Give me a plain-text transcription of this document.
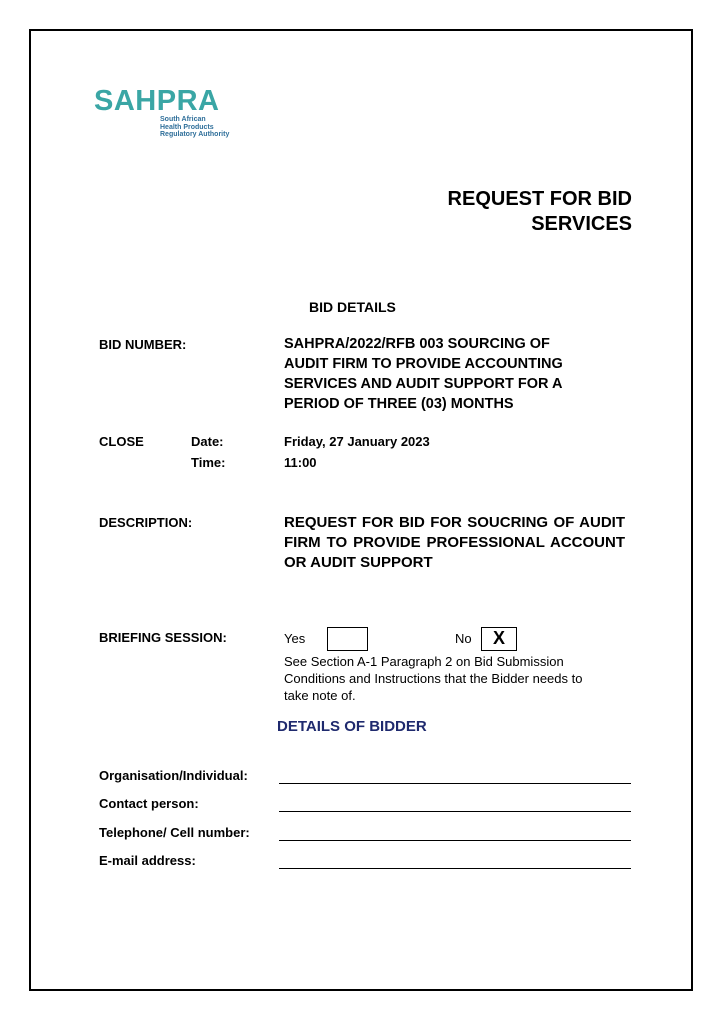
SAHPRA
South African
Health Products
Regulatory Authority
REQUEST FOR BID
SERVICES
BID DETAILS
BID NUMBER:	SAHPRA/2022/RFB 003 SOURCING OF
AUDIT FIRM TO PROVIDE ACCOUNTING
SERVICES AND AUDIT SUPPORT FOR A
PERIOD OF THREE (03) MONTHS
CLOSE	Date:	Friday, 27 January 2023
Time:	11:00
DESCRIPTION:	REQUEST FOR BID FOR SOUCRING OF AUDIT FIRM TO PROVIDE PROFESSIONAL ACCOUNT OR AUDIT SUPPORT
BRIEFING SESSION:	Yes	No	X
See Section A-1 Paragraph 2 on Bid Submission
Conditions and Instructions that the Bidder needs to
take note of.
DETAILS OF BIDDER
Organisation/Individual:
Contact person:
Telephone/ Cell number:
E-mail address:
